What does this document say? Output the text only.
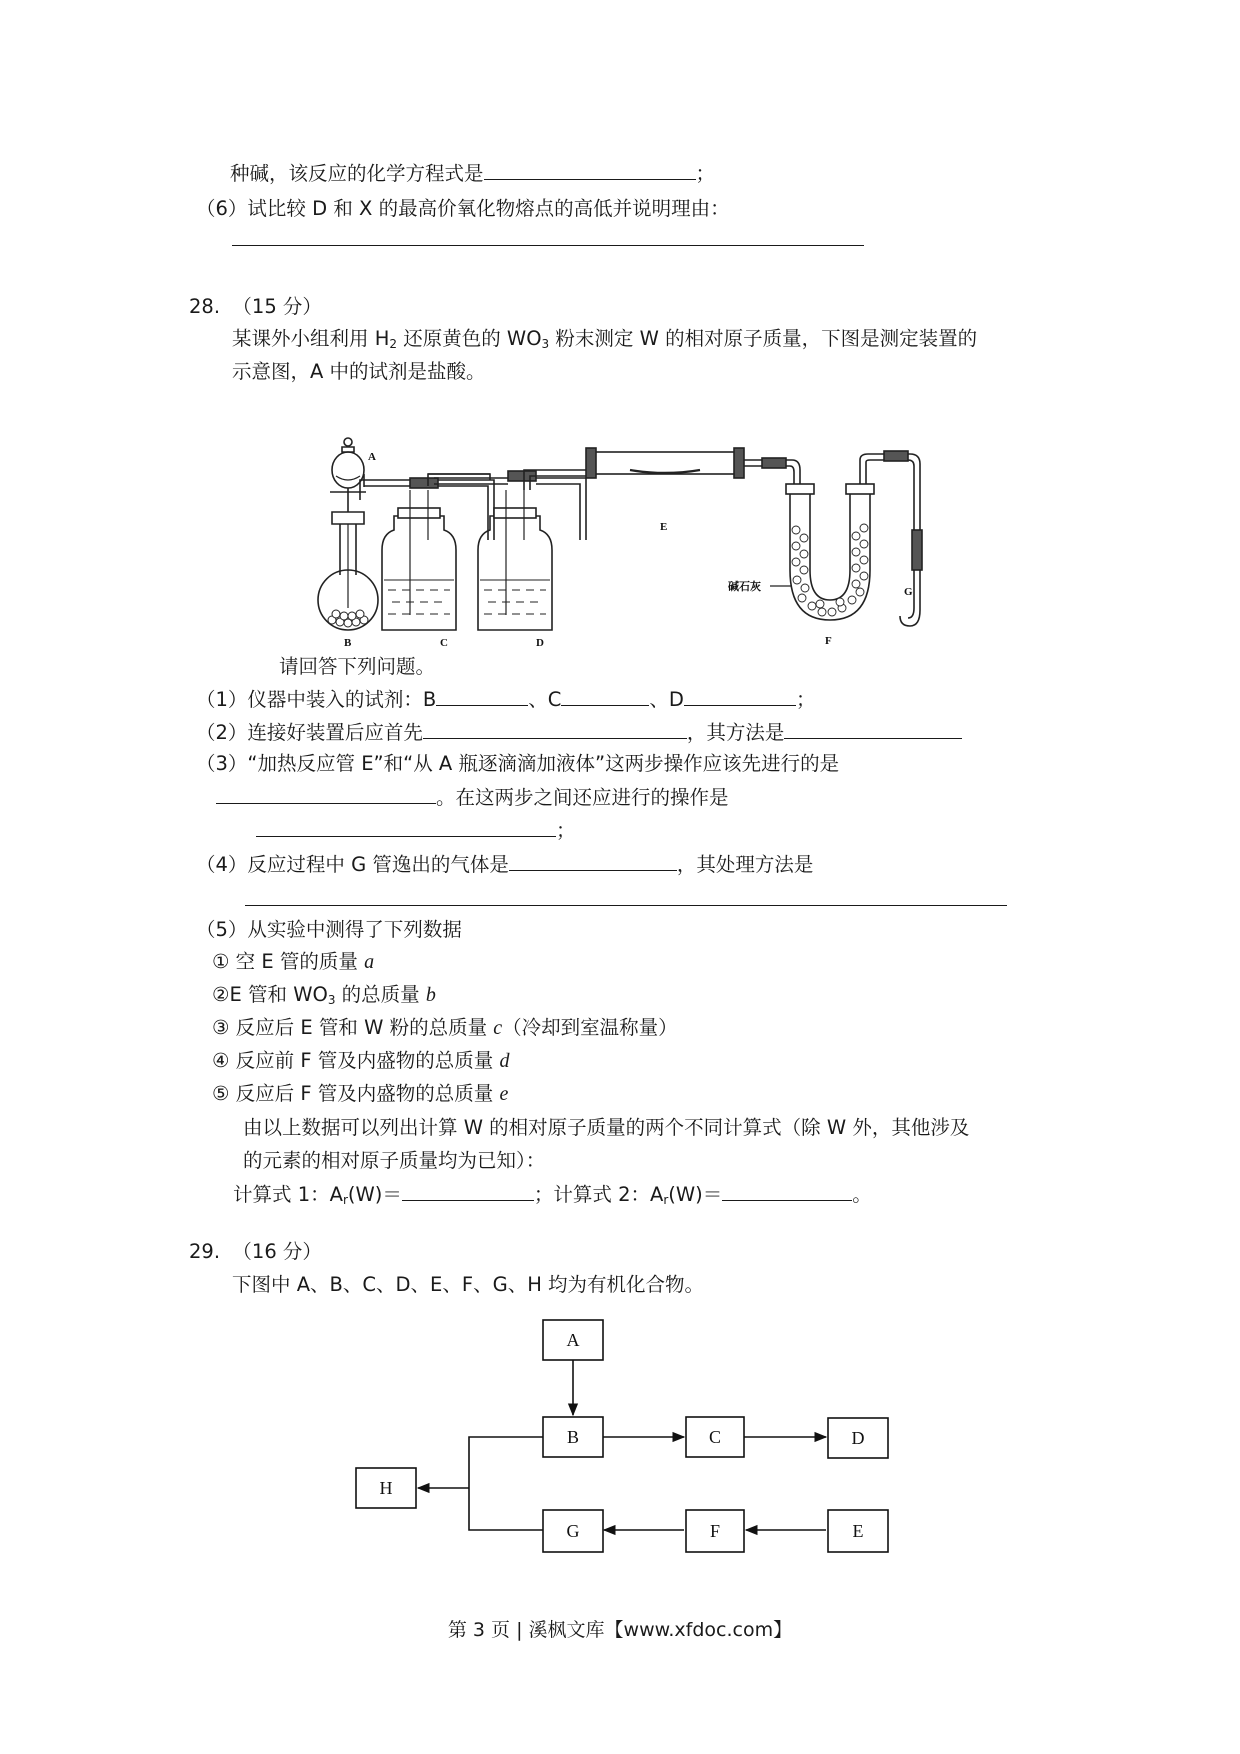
种碱，该反应的化学方程式是	；
（6）试比较 D 和 X 的最高价氧化物熔点的高低并说明理由：
28. （15 分）
某课外小组利用 $H_2$ 还原黄色的 $WO_3$ 粉末测定 W 的相对原子质量，下图是测定装置的
示意图，A 中的试剂是盐酸。
A
B	C	D
E
F
G
碱石灰
请回答下列问题。
（1）仪器中装入的试剂：B	、C	、D	；
（2）连接好装置后应首先	，其方法是
（3）“加热反应管 E”和“从 A 瓶逐滴滴加液体”这两步操作应该先进行的是
。在这两步之间还应进行的操作是
；
（4）反应过程中 G 管逸出的气体是	，其处理方法是
（5）从实验中测得了下列数据
① 空 E 管的质量 a
②E 管和 $WO_3$ 的总质量 b
③ 反应后 E 管和 W 粉的总质量 c（冷却到室温称量）
④ 反应前 F 管及内盛物的总质量 d
⑤ 反应后 F 管及内盛物的总质量 e
由以上数据可以列出计算 W 的相对原子质量的两个不同计算式（除 W 外，其他涉及
的元素的相对原子质量均为已知）：
计算式 1：$A_r(W)=$	；计算式 2：$A_r(W)=$	。
29. （16 分）
下图中 A、B、C、D、E、F、G、H 均为有机化合物。
A
B	C	D
E
F
G
H
第 3 页 | 溪枫文库【www.xfdoc.com】
